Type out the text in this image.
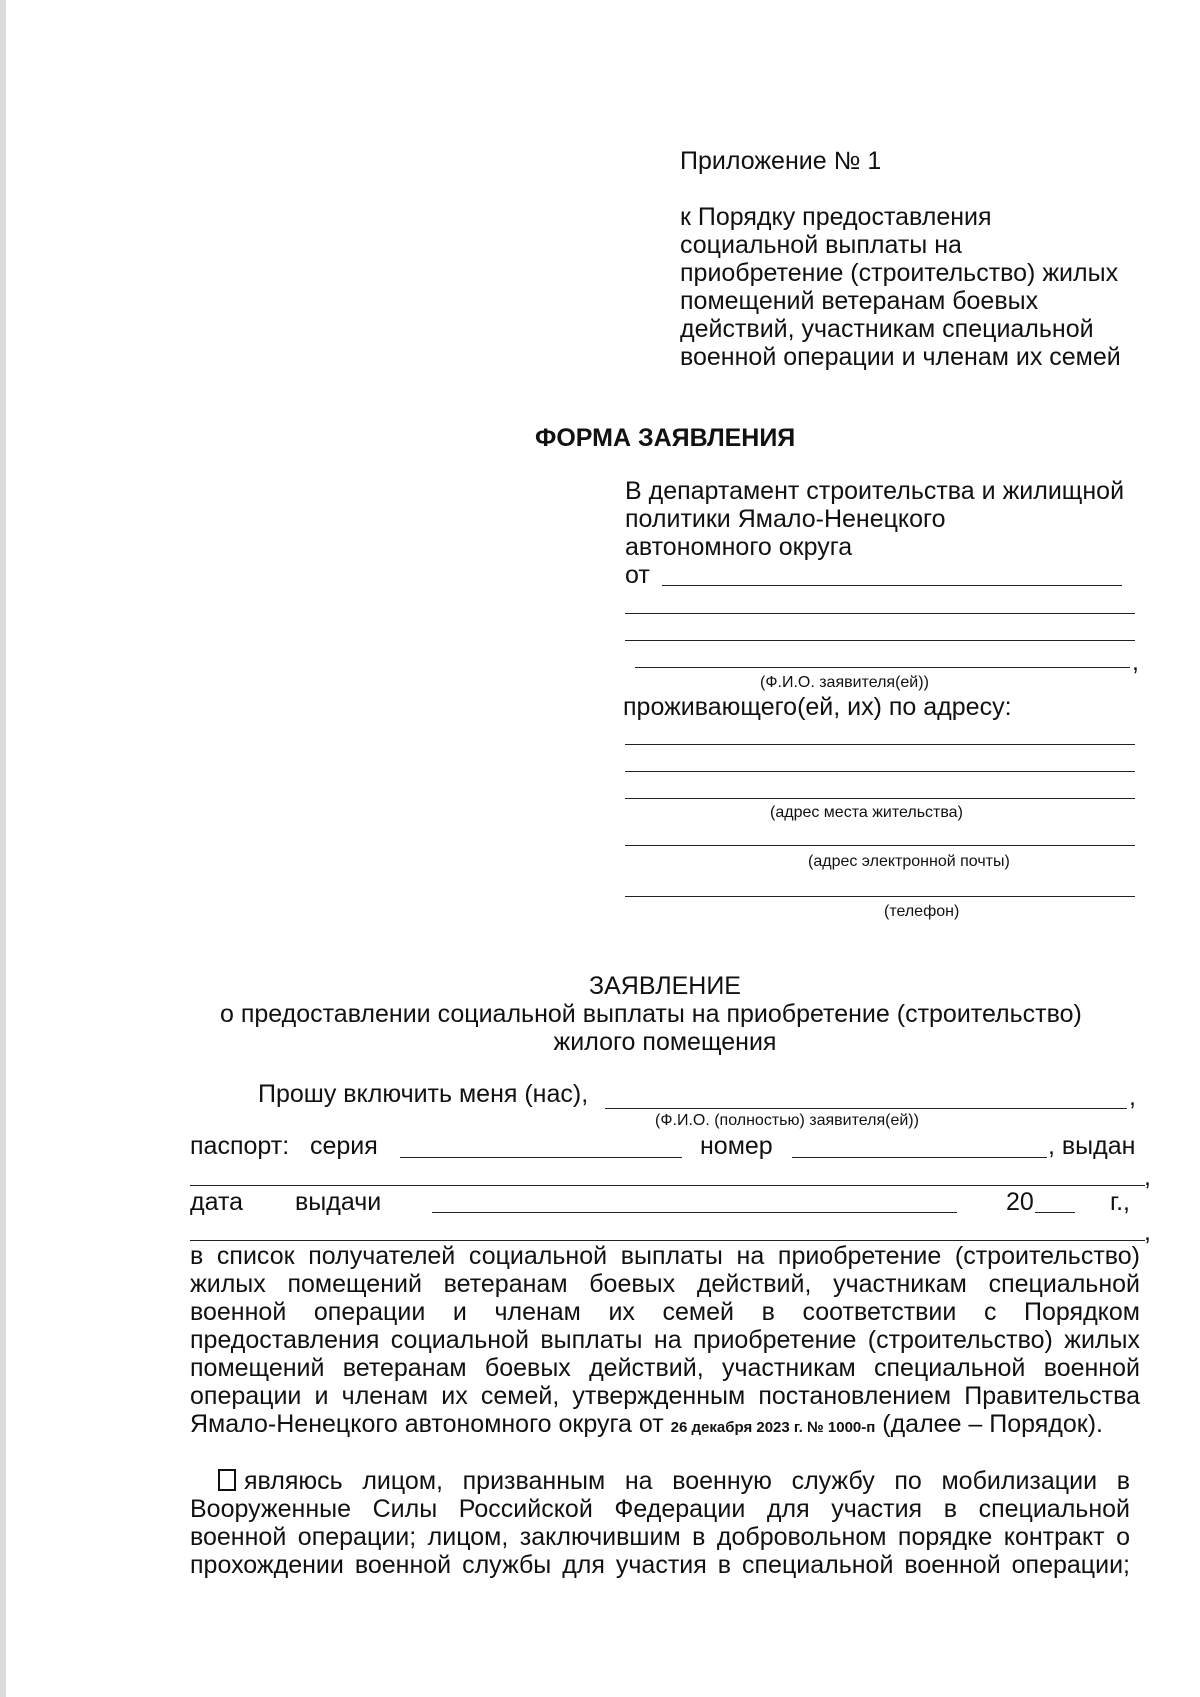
Приложение № 1
к Порядку предоставления
социальной выплаты на
приобретение (строительство) жилых
помещений ветеранам боевых
действий, участникам специальной
военной операции и членам их семей
ФОРМА ЗАЯВЛЕНИЯ
В департамент строительства и жилищной
политики Ямало-Ненецкого
автономного округа
от
,
(Ф.И.О. заявителя(ей))
проживающего(ей, их) по адресу:
(адрес места жительства)
(адрес электронной почты)
(телефон)
ЗАЯВЛЕНИЕ
о предоставлении социальной выплаты на приобретение (строительство)
жилого помещения
Прошу включить меня (нас),	,
(Ф.И.О. (полностью) заявителя(ей))
паспорт: серия	номер	, выдан
,
дата выдачи	20	г.,
,
в список получателей социальной выплаты на приобретение (строительство)
жилых помещений ветеранам боевых действий, участникам специальной
военной операции и членам их семей в соответствии с Порядком
предоставления социальной выплаты на приобретение (строительство) жилых
помещений ветеранам боевых действий, участникам специальной военной
операции и членам их семей, утвержденным постановлением Правительства
Ямало-Ненецкого автономного округа от 26 декабря 2023 г. № 1000-п (далее – Порядок).
являюсь лицом, призванным на военную службу по мобилизации в
Вооруженные Силы Российской Федерации для участия в специальной
военной операции; лицом, заключившим в добровольном порядке контракт о
прохождении военной службы для участия в специальной военной операции;
